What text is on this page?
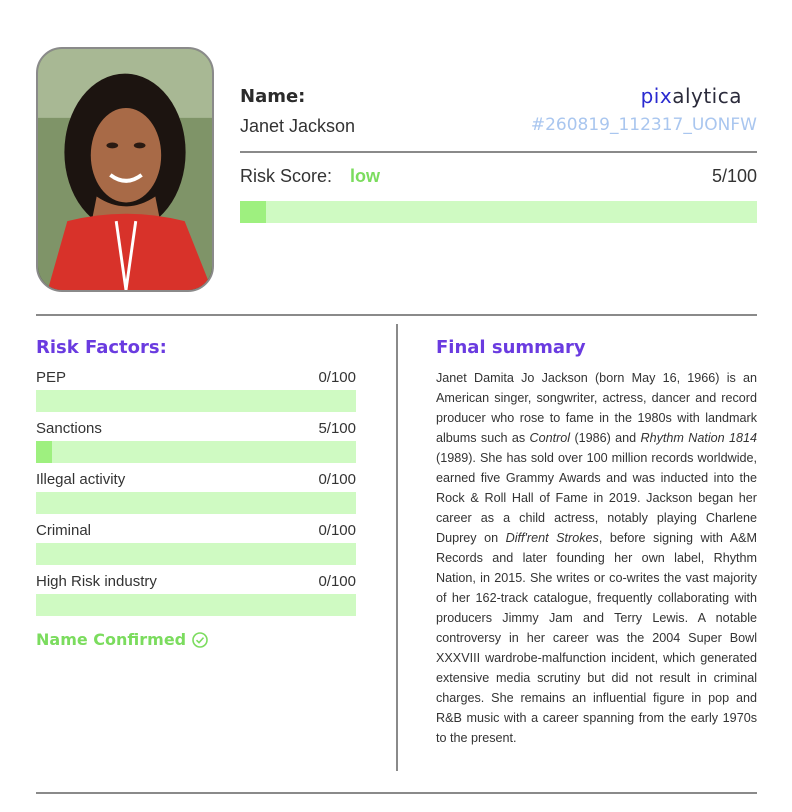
Name:
Janet Jackson
pixalytica
#260819_112317_UONFW
Risk Score: low	5/100
Risk Factors:
PEP	0/100
Sanctions	5/100
Illegal activity	0/100
Criminal	0/100
High Risk industry	0/100
Name Confirmed
Final summary
Janet Damita Jo Jackson (born May 16, 1966) is an American singer, songwriter, actress, dancer and record producer who rose to fame in the 1980s with landmark albums such as Control (1986) and Rhythm Nation 1814 (1989). She has sold over 100 million records worldwide, earned five Grammy Awards and was inducted into the Rock & Roll Hall of Fame in 2019. Jackson began her career as a child actress, notably playing Charlene Duprey on Diff'rent Strokes, before signing with A&M Records and later founding her own label, Rhythm Nation, in 2015. She writes or co-writes the vast majority of her 162-track catalogue, frequently collaborating with producers Jimmy Jam and Terry Lewis. A notable controversy in her career was the 2004 Super Bowl XXXVIII wardrobe-malfunction incident, which generated extensive media scrutiny but did not result in criminal charges. She remains an influential figure in pop and R&B music with a career spanning from the early 1970s to the present.
